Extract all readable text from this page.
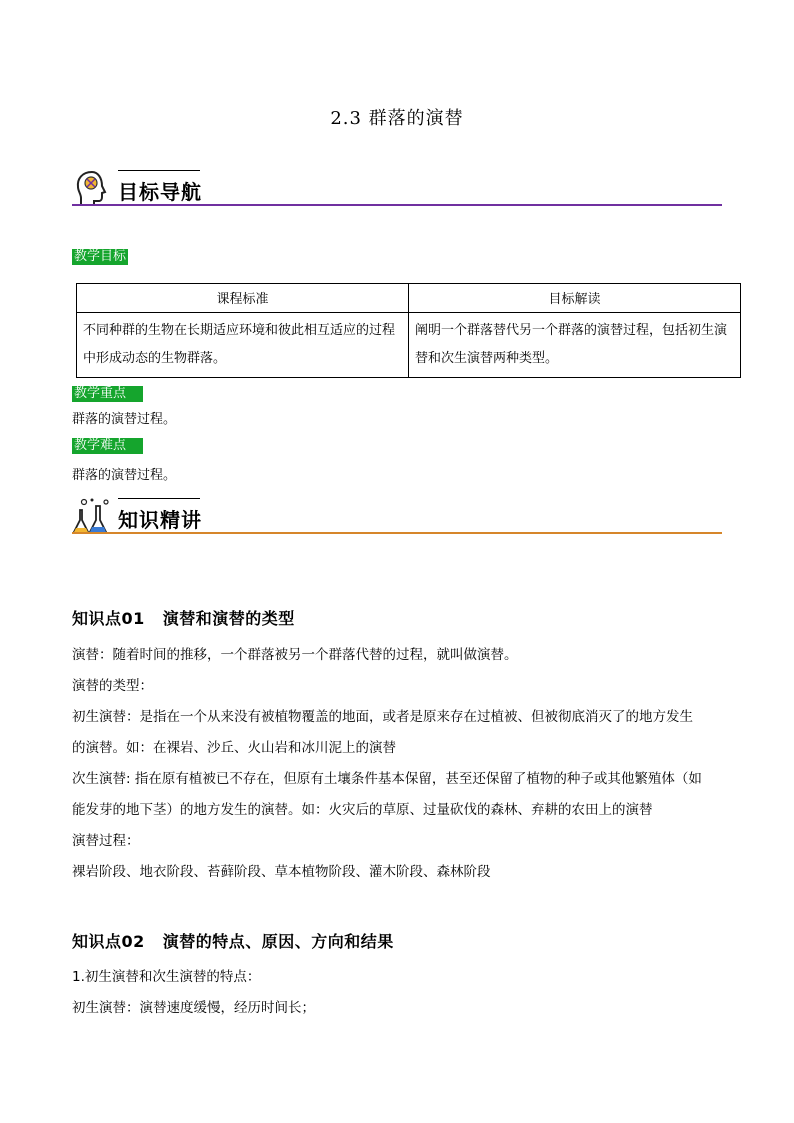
2.3 群落的演替
目标导航
教学目标
课程标准	目标解读
不同种群的生物在长期适应环境和彼此相互适应的过程中形成动态的生物群落。	阐明一个群落替代另一个群落的演替过程，包括初生演替和次生演替两种类型。
教学重点
群落的演替过程。
教学难点
群落的演替过程。
知识精讲
知识点01 演替和演替的类型
演替：随着时间的推移，一个群落被另一个群落代替的过程，就叫做演替。
演替的类型：
初生演替：是指在一个从来没有被植物覆盖的地面，或者是原来存在过植被、但被彻底消灭了的地方发生
的演替。如：在裸岩、沙丘、火山岩和冰川泥上的演替
次生演替: 指在原有植被已不存在，但原有土壤条件基本保留，甚至还保留了植物的种子或其他繁殖体（如
能发芽的地下茎）的地方发生的演替。如：火灾后的草原、过量砍伐的森林、弃耕的农田上的演替
演替过程：
裸岩阶段、地衣阶段、苔藓阶段、草本植物阶段、灌木阶段、森林阶段
知识点02 演替的特点、原因、方向和结果
1.初生演替和次生演替的特点：
初生演替：演替速度缓慢，经历时间长；
